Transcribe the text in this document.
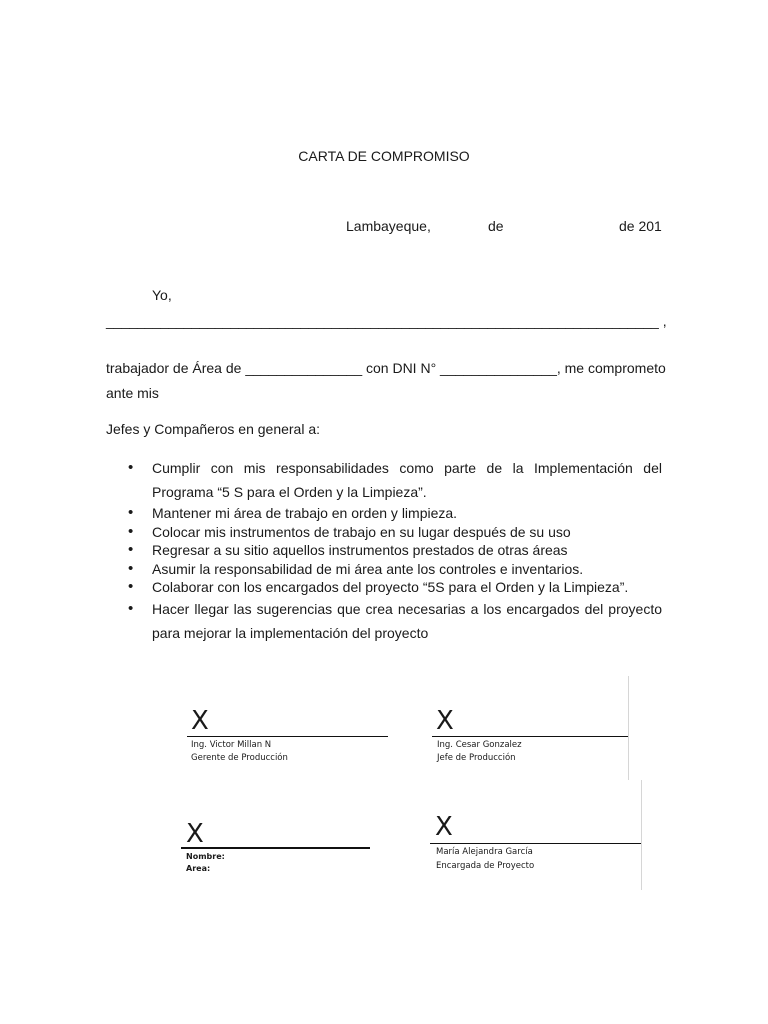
CARTA DE COMPROMISO
Lambayeque,	de	de 201
Yo,
_______________________________________________________________________ ,
trabajador de Área de _______________ con DNI N° _______________, me comprometo
ante mis
Jefes y Compañeros en general a:
• Cumplir con mis responsabilidades como parte de la Implementación del Programa “5 S para el Orden y la Limpieza”.
• Mantener mi área de trabajo en orden y limpieza.
• Colocar mis instrumentos de trabajo en su lugar después de su uso
• Regresar a su sitio aquellos instrumentos prestados de otras áreas
• Asumir la responsabilidad de mi área ante los controles e inventarios.
• Colaborar con los encargados del proyecto “5S para el Orden y la Limpieza”.
• Hacer llegar las sugerencias que crea necesarias a los encargados del proyecto para mejorar la implementación del proyecto
X
Ing. Victor Millan N
Gerente de Producción
X
Ing. Cesar Gonzalez
Jefe de Producción
X
Nombre:
Area:
X
María Alejandra García
Encargada de Proyecto
